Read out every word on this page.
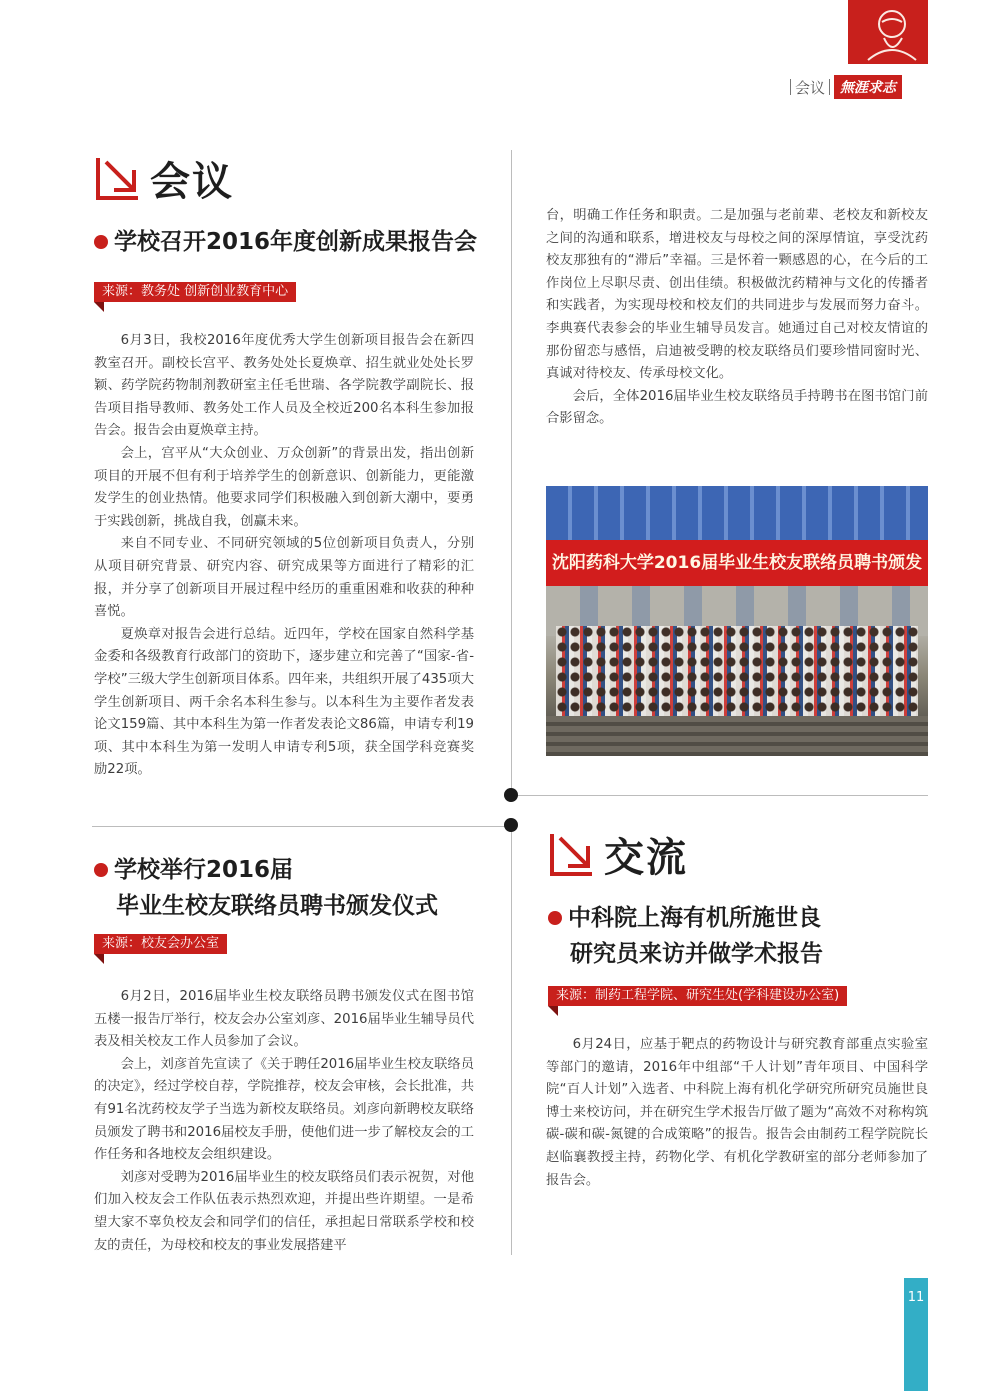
会议	無涯求志
会议
学校召开2016年度创新成果报告会
来源：教务处 创新创业教育中心

6月3日，我校2016年度优秀大学生创新项目报告会在新四教室召开。副校长宫平、教务处处长夏焕章、招生就业处处长罗颖、药学院药物制剂教研室主任毛世瑞、各学院教学副院长、报告项目指导教师、教务处工作人员及全校近200名本科生参加报告会。报告会由夏焕章主持。

会上，宫平从“大众创业、万众创新”的背景出发，指出创新项目的开展不但有利于培养学生的创新意识、创新能力，更能激发学生的创业热情。他要求同学们积极融入到创新大潮中，要勇于实践创新，挑战自我，创赢未来。

来自不同专业、不同研究领域的5位创新项目负责人，分别从项目研究背景、研究内容、研究成果等方面进行了精彩的汇报，并分享了创新项目开展过程中经历的重重困难和收获的种种喜悦。

夏焕章对报告会进行总结。近四年，学校在国家自然科学基金委和各级教育行政部门的资助下，逐步建立和完善了“国家-省-学校”三级大学生创新项目体系。四年来，共组织开展了435项大学生创新项目、两千余名本科生参与。以本科生为主要作者发表论文159篇、其中本科生为第一作者发表论文86篇，申请专利19项、其中本科生为第一发明人申请专利5项，获全国学科竞赛奖励22项。

学校举行2016届
毕业生校友联络员聘书颁发仪式
来源：校友会办公室

6月2日，2016届毕业生校友联络员聘书颁发仪式在图书馆五楼一报告厅举行，校友会办公室刘彦、2016届毕业生辅导员代表及相关校友工作人员参加了会议。

会上，刘彦首先宣读了《关于聘任2016届毕业生校友联络员的决定》，经过学校自荐，学院推荐，校友会审核，会长批准，共有91名沈药校友学子当选为新校友联络员。刘彦向新聘校友联络员颁发了聘书和2016届校友手册，使他们进一步了解校友会的工作任务和各地校友会组织建设。

刘彦对受聘为2016届毕业生的校友联络员们表示祝贺，对他们加入校友会工作队伍表示热烈欢迎，并提出些许期望。一是希望大家不辜负校友会和同学们的信任，承担起日常联系学校和校友的责任，为母校和校友的事业发展搭建平

台，明确工作任务和职责。二是加强与老前辈、老校友和新校友之间的沟通和联系，增进校友与母校之间的深厚情谊，享受沈药校友那独有的“滞后”幸福。三是怀着一颗感恩的心，在今后的工作岗位上尽职尽责、创出佳绩。积极做沈药精神与文化的传播者和实践者，为实现母校和校友们的共同进步与发展而努力奋斗。李典赛代表参会的毕业生辅导员发言。她通过自己对校友情谊的那份留恋与感悟，启迪被受聘的校友联络员们要珍惜同窗时光、真诚对待校友、传承母校文化。

会后，全体2016届毕业生校友联络员手持聘书在图书馆门前合影留念。

沈阳药科大学2016届毕业生校友联络员聘书颁发
交流
中科院上海有机所施世良
研究员来访并做学术报告
来源：制药工程学院、研究生处(学科建设办公室)

6月24日，应基于靶点的药物设计与研究教育部重点实验室等部门的邀请，2016年中组部“千人计划”青年项目、中国科学院“百人计划”入选者、中科院上海有机化学研究所研究员施世良博士来校访问，并在研究生学术报告厅做了题为“高效不对称构筑碳-碳和碳-氮键的合成策略”的报告。报告会由制药工程学院院长赵临襄教授主持，药物化学、有机化学教研室的部分老师参加了报告会。

11
